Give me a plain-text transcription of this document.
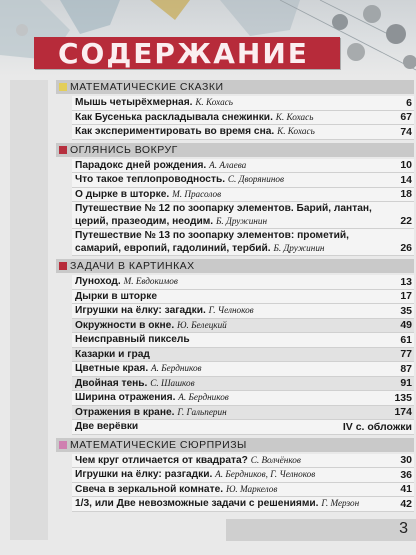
СОДЕРЖАНИЕ
МАТЕМАТИЧЕСКИЕ СКАЗКИ
Мышь четырёхмерная. К. Кохась	6
Как Бусенька раскладывала снежинки. К. Кохась	67
Как экспериментировать во время сна. К. Кохась	74
ОГЛЯНИСЬ ВОКРУГ
Парадокс дней рождения. А. Алаева	10
Что такое теплопроводность. С. Дворянинов	14
О дырке в шторке. М. Прасолов	18
Путешествие № 12 по зоопарку элементов. Барий, лантан, церий, празеодим, неодим. Б. Дружинин	22
Путешествие № 13 по зоопарку элементов: прометий, самарий, европий, гадолиний, тербий. Б. Дружинин	26
ЗАДАЧИ В КАРТИНКАХ
Луноход. М. Евдокимов	13
Дырки в шторке	17
Игрушки на ёлку: загадки. Г. Челноков	35
Окружности в окне. Ю. Белецкий	49
Неисправный пиксель	61
Казарки и град	77
Цветные края. А. Бердников	87
Двойная тень. С. Шашков	91
Ширина отражения. А. Бердников	135
Отражения в кране. Г. Гальперин	174
Две верёвки	IV с. обложки
МАТЕМАТИЧЕСКИЕ СЮРПРИЗЫ
Чем круг отличается от квадрата? С. Волчёнков	30
Игрушки на ёлку: разгадки. А. Бердников, Г. Челноков	36
Свеча в зеркальной комнате. Ю. Маркелов	41
1/3, или Две невозможные задачи с решениями. Г. Мерзон	42
3
